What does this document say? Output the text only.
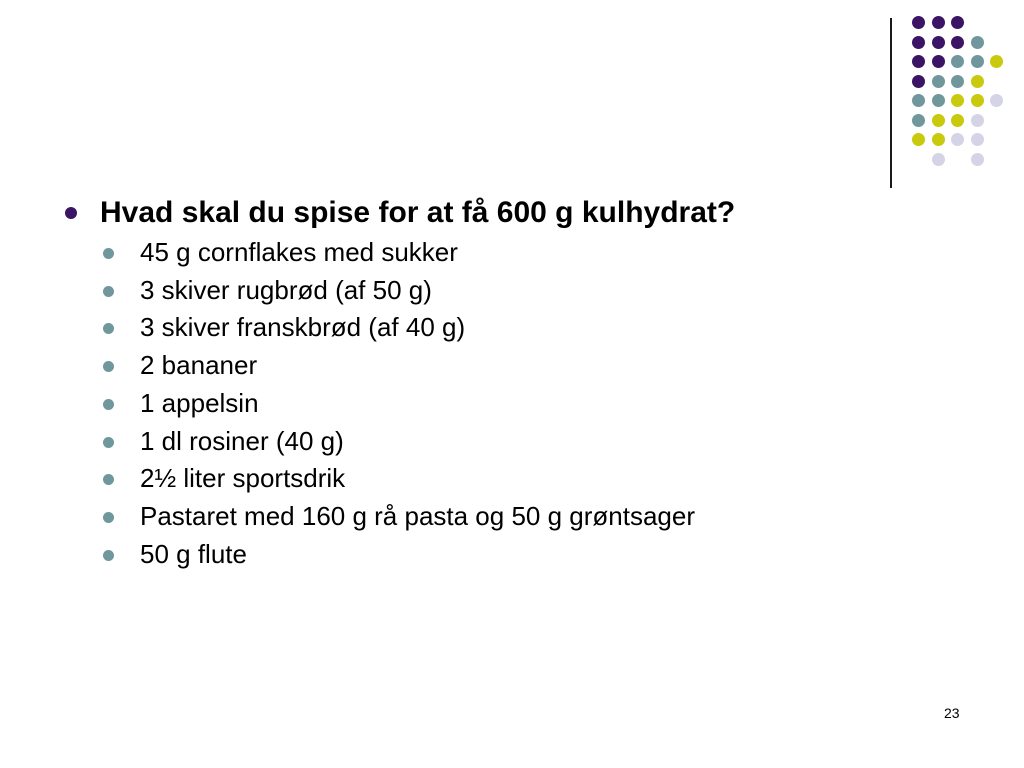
Hvad skal du spise for at få 600 g kulhydrat?
45 g cornflakes med sukker
3 skiver rugbrød (af 50 g)
3 skiver franskbrød (af 40 g)
2 bananer
1 appelsin
1 dl rosiner (40 g)
2½ liter sportsdrik
Pastaret med 160 g rå pasta og 50 g grøntsager
50 g flute
23
